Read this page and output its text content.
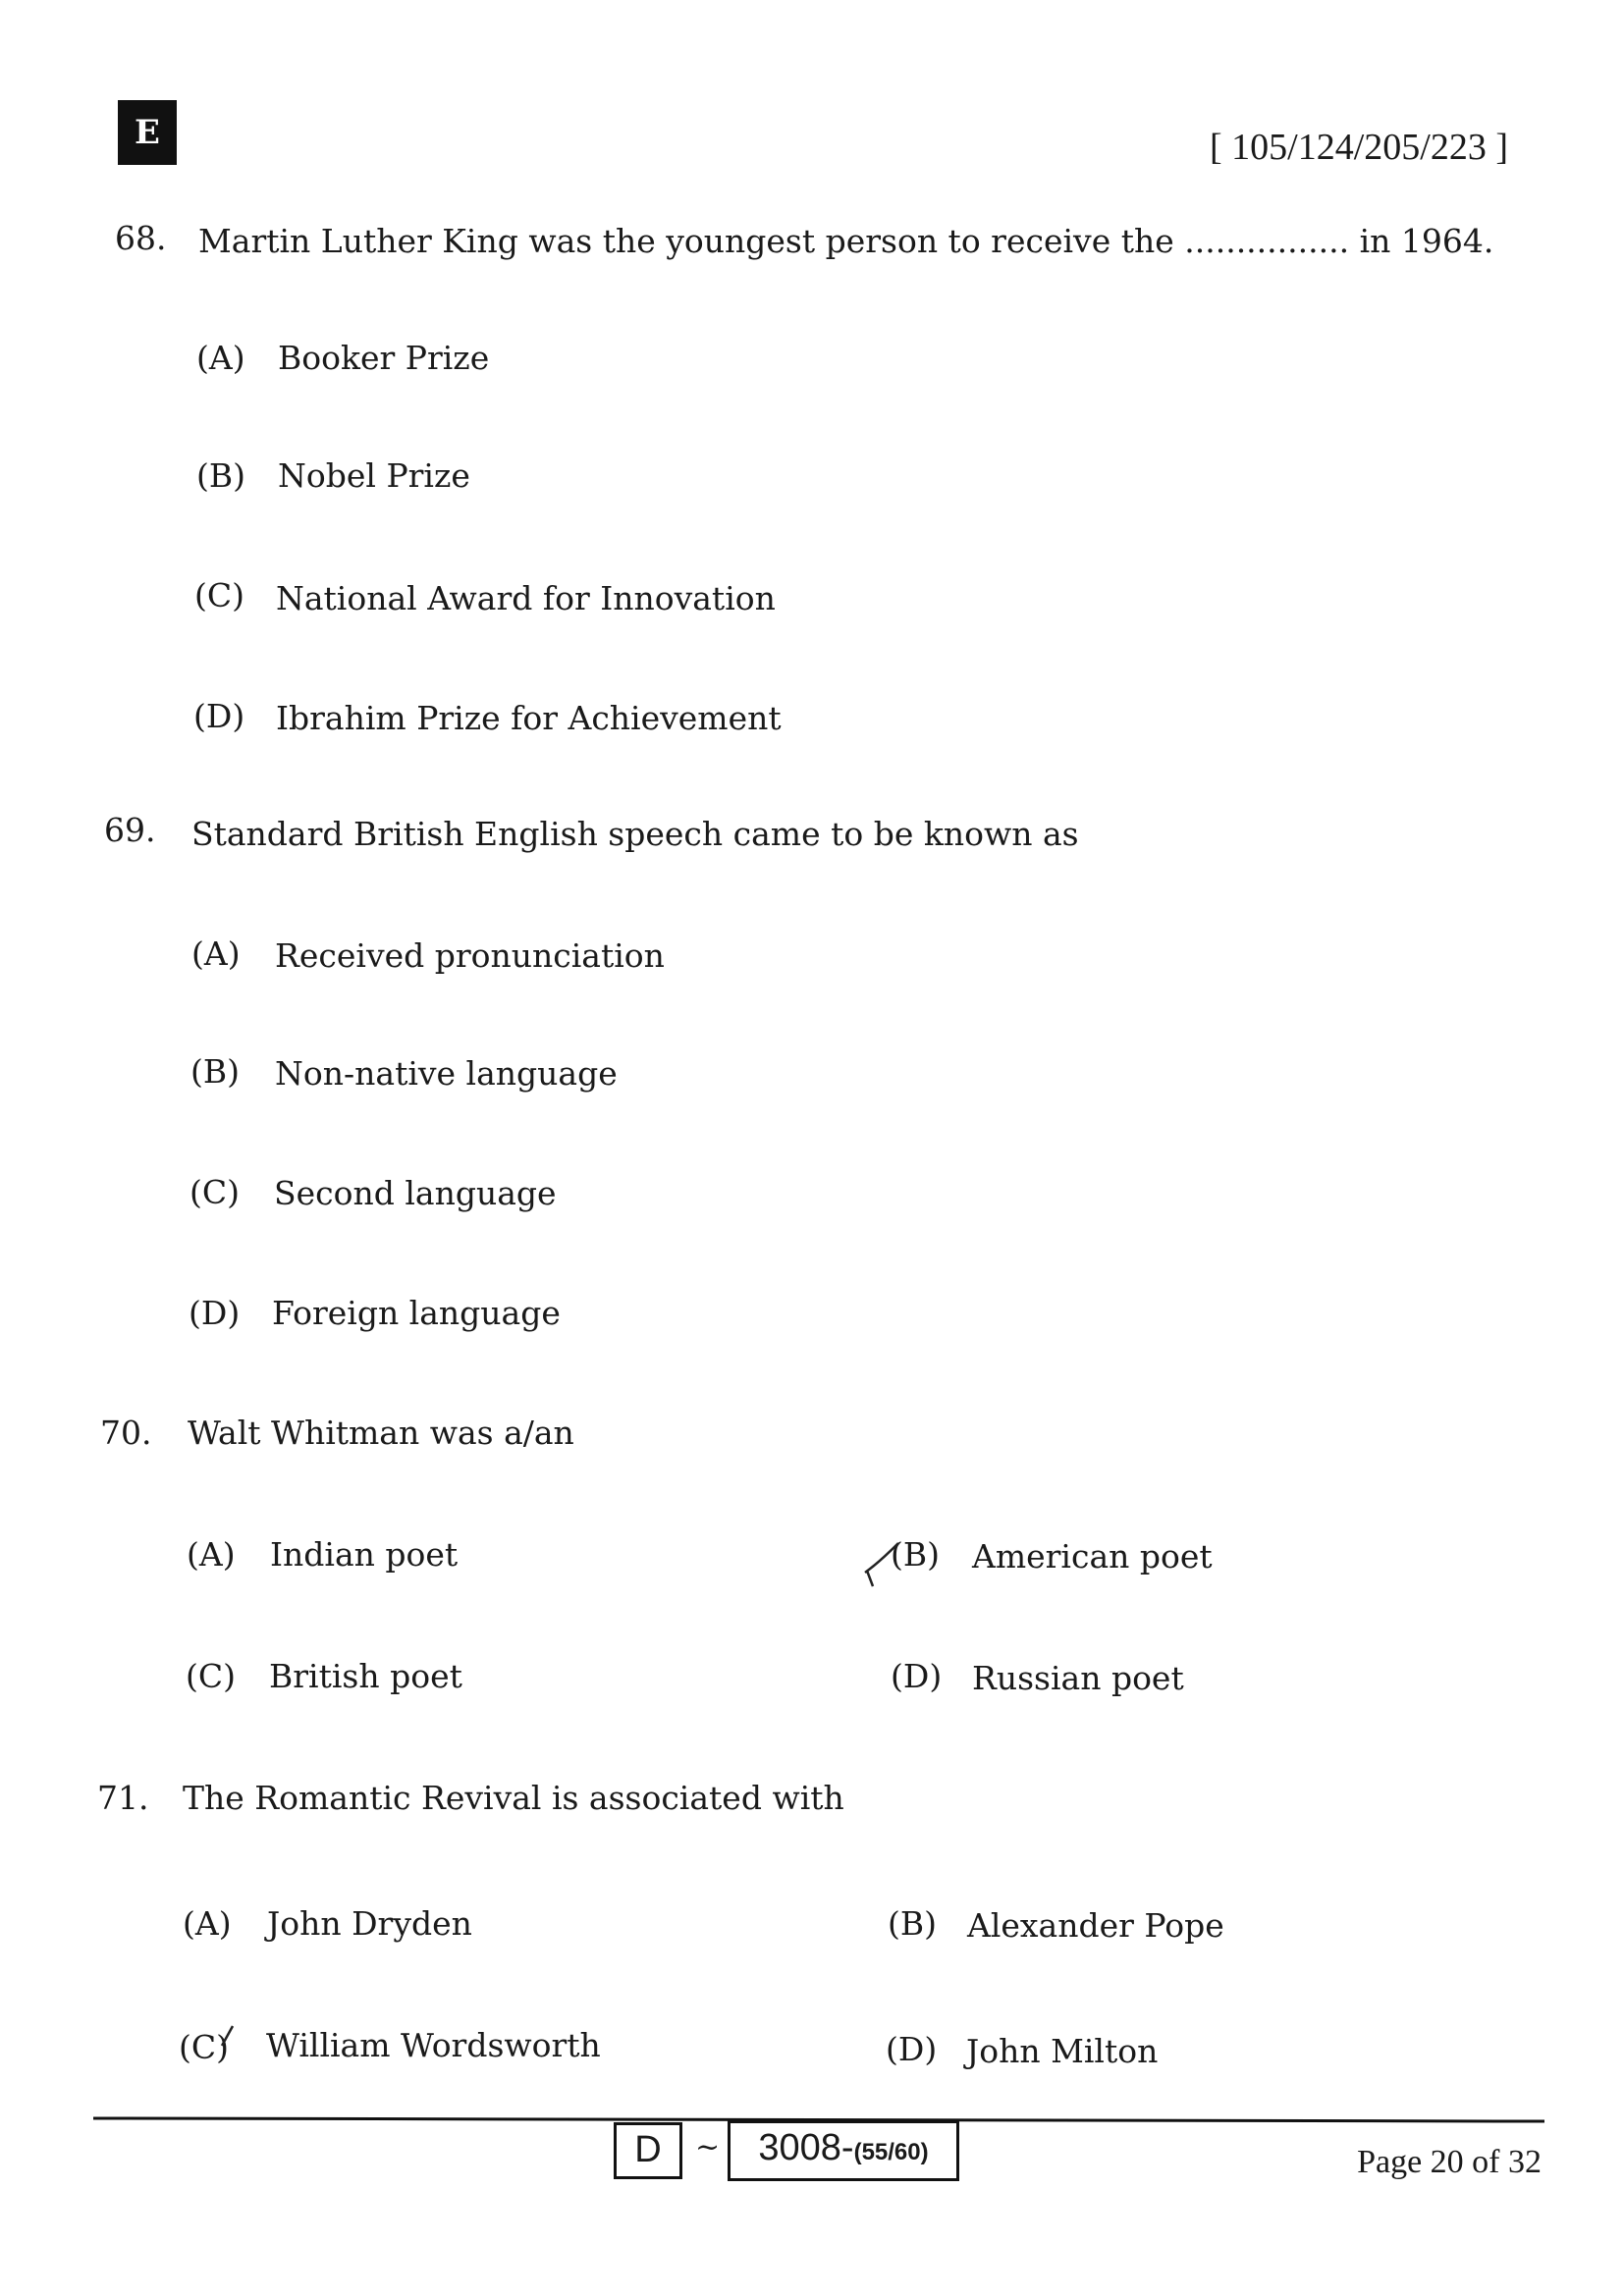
E	[ 105/124/205/223 ]
68. Martin Luther King was the youngest person to receive the ................ in 1964.
(A) Booker Prize
(B) Nobel Prize
(C) National Award for Innovation
(D) Ibrahim Prize for Achievement
69. Standard British English speech came to be known as
(A) Received pronunciation
(B) Non-native language
(C) Second language
(D) Foreign language
70. Walt Whitman was a/an
(A) Indian poet	(B) American poet
(C) British poet	(D) Russian poet
71. The Romantic Revival is associated with
(A) John Dryden	(B) Alexander Pope
(C) William Wordsworth	(D) John Milton
D	~	3008-(55/60)	Page 20 of 32
